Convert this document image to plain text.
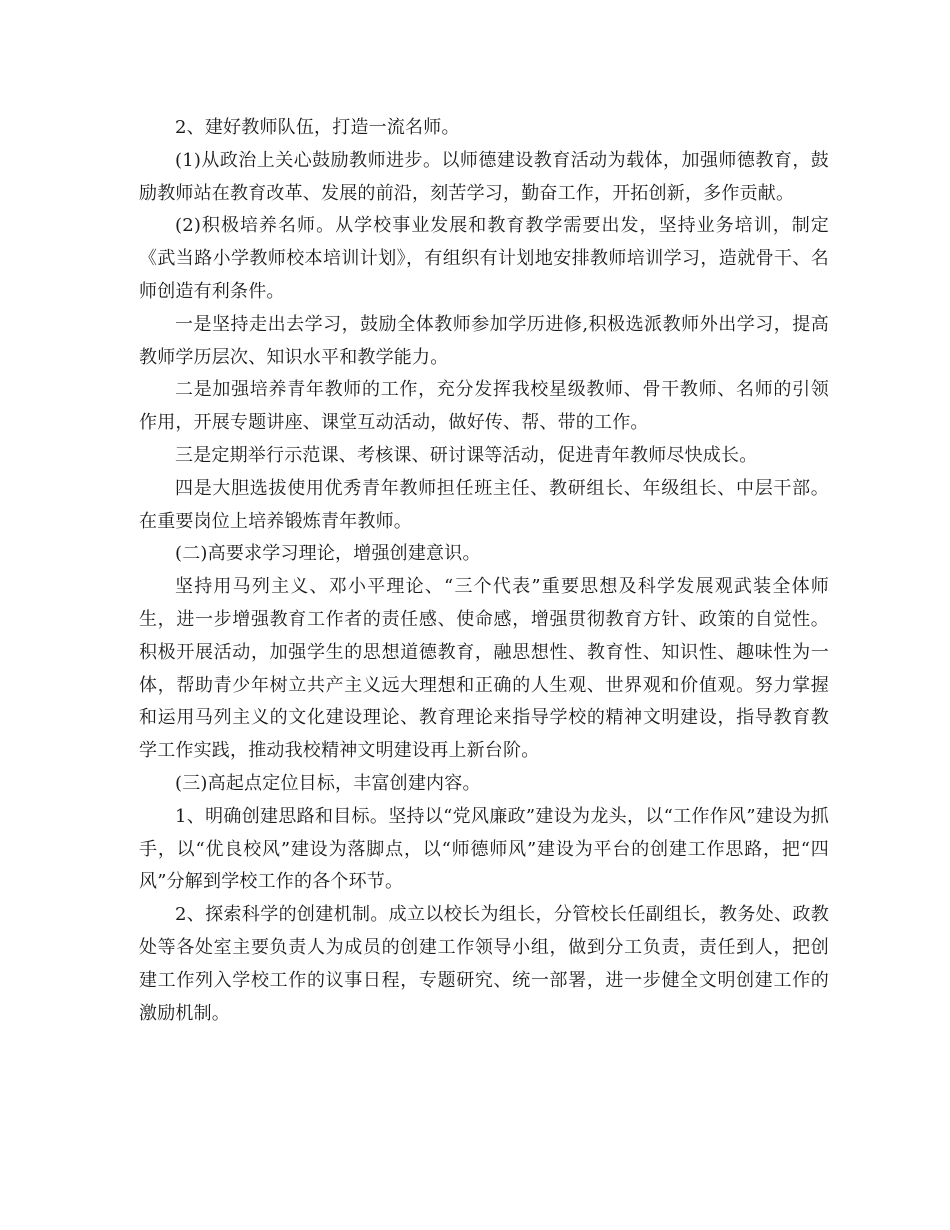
2、建好教师队伍，打造一流名师。

(1)从政治上关心鼓励教师进步。以师德建设教育活动为载体，加强师德教育，鼓励教师站在教育改革、发展的前沿，刻苦学习，勤奋工作，开拓创新，多作贡献。

(2)积极培养名师。从学校事业发展和教育教学需要出发，坚持业务培训，制定《武当路小学教师校本培训计划》，有组织有计划地安排教师培训学习，造就骨干、名师创造有利条件。

一是坚持走出去学习，鼓励全体教师参加学历进修,积极选派教师外出学习，提高教师学历层次、知识水平和教学能力。

二是加强培养青年教师的工作，充分发挥我校星级教师、骨干教师、名师的引领作用，开展专题讲座、课堂互动活动，做好传、帮、带的工作。

三是定期举行示范课、考核课、研讨课等活动，促进青年教师尽快成长。

四是大胆选拔使用优秀青年教师担任班主任、教研组长、年级组长、中层干部。在重要岗位上培养锻炼青年教师。

(二)高要求学习理论，增强创建意识。

坚持用马列主义、邓小平理论、“三个代表”重要思想及科学发展观武装全体师生，进一步增强教育工作者的责任感、使命感，增强贯彻教育方针、政策的自觉性。积极开展活动，加强学生的思想道德教育，融思想性、教育性、知识性、趣味性为一体，帮助青少年树立共产主义远大理想和正确的人生观、世界观和价值观。努力掌握和运用马列主义的文化建设理论、教育理论来指导学校的精神文明建设，指导教育教学工作实践，推动我校精神文明建设再上新台阶。

(三)高起点定位目标，丰富创建内容。

1、明确创建思路和目标。坚持以“党风廉政”建设为龙头，以“工作作风”建设为抓手，以“优良校风”建设为落脚点，以“师德师风”建设为平台的创建工作思路，把“四风”分解到学校工作的各个环节。

2、探索科学的创建机制。成立以校长为组长，分管校长任副组长，教务处、政教处等各处室主要负责人为成员的创建工作领导小组，做到分工负责，责任到人，把创建工作列入学校工作的议事日程，专题研究、统一部署，进一步健全文明创建工作的激励机制。
